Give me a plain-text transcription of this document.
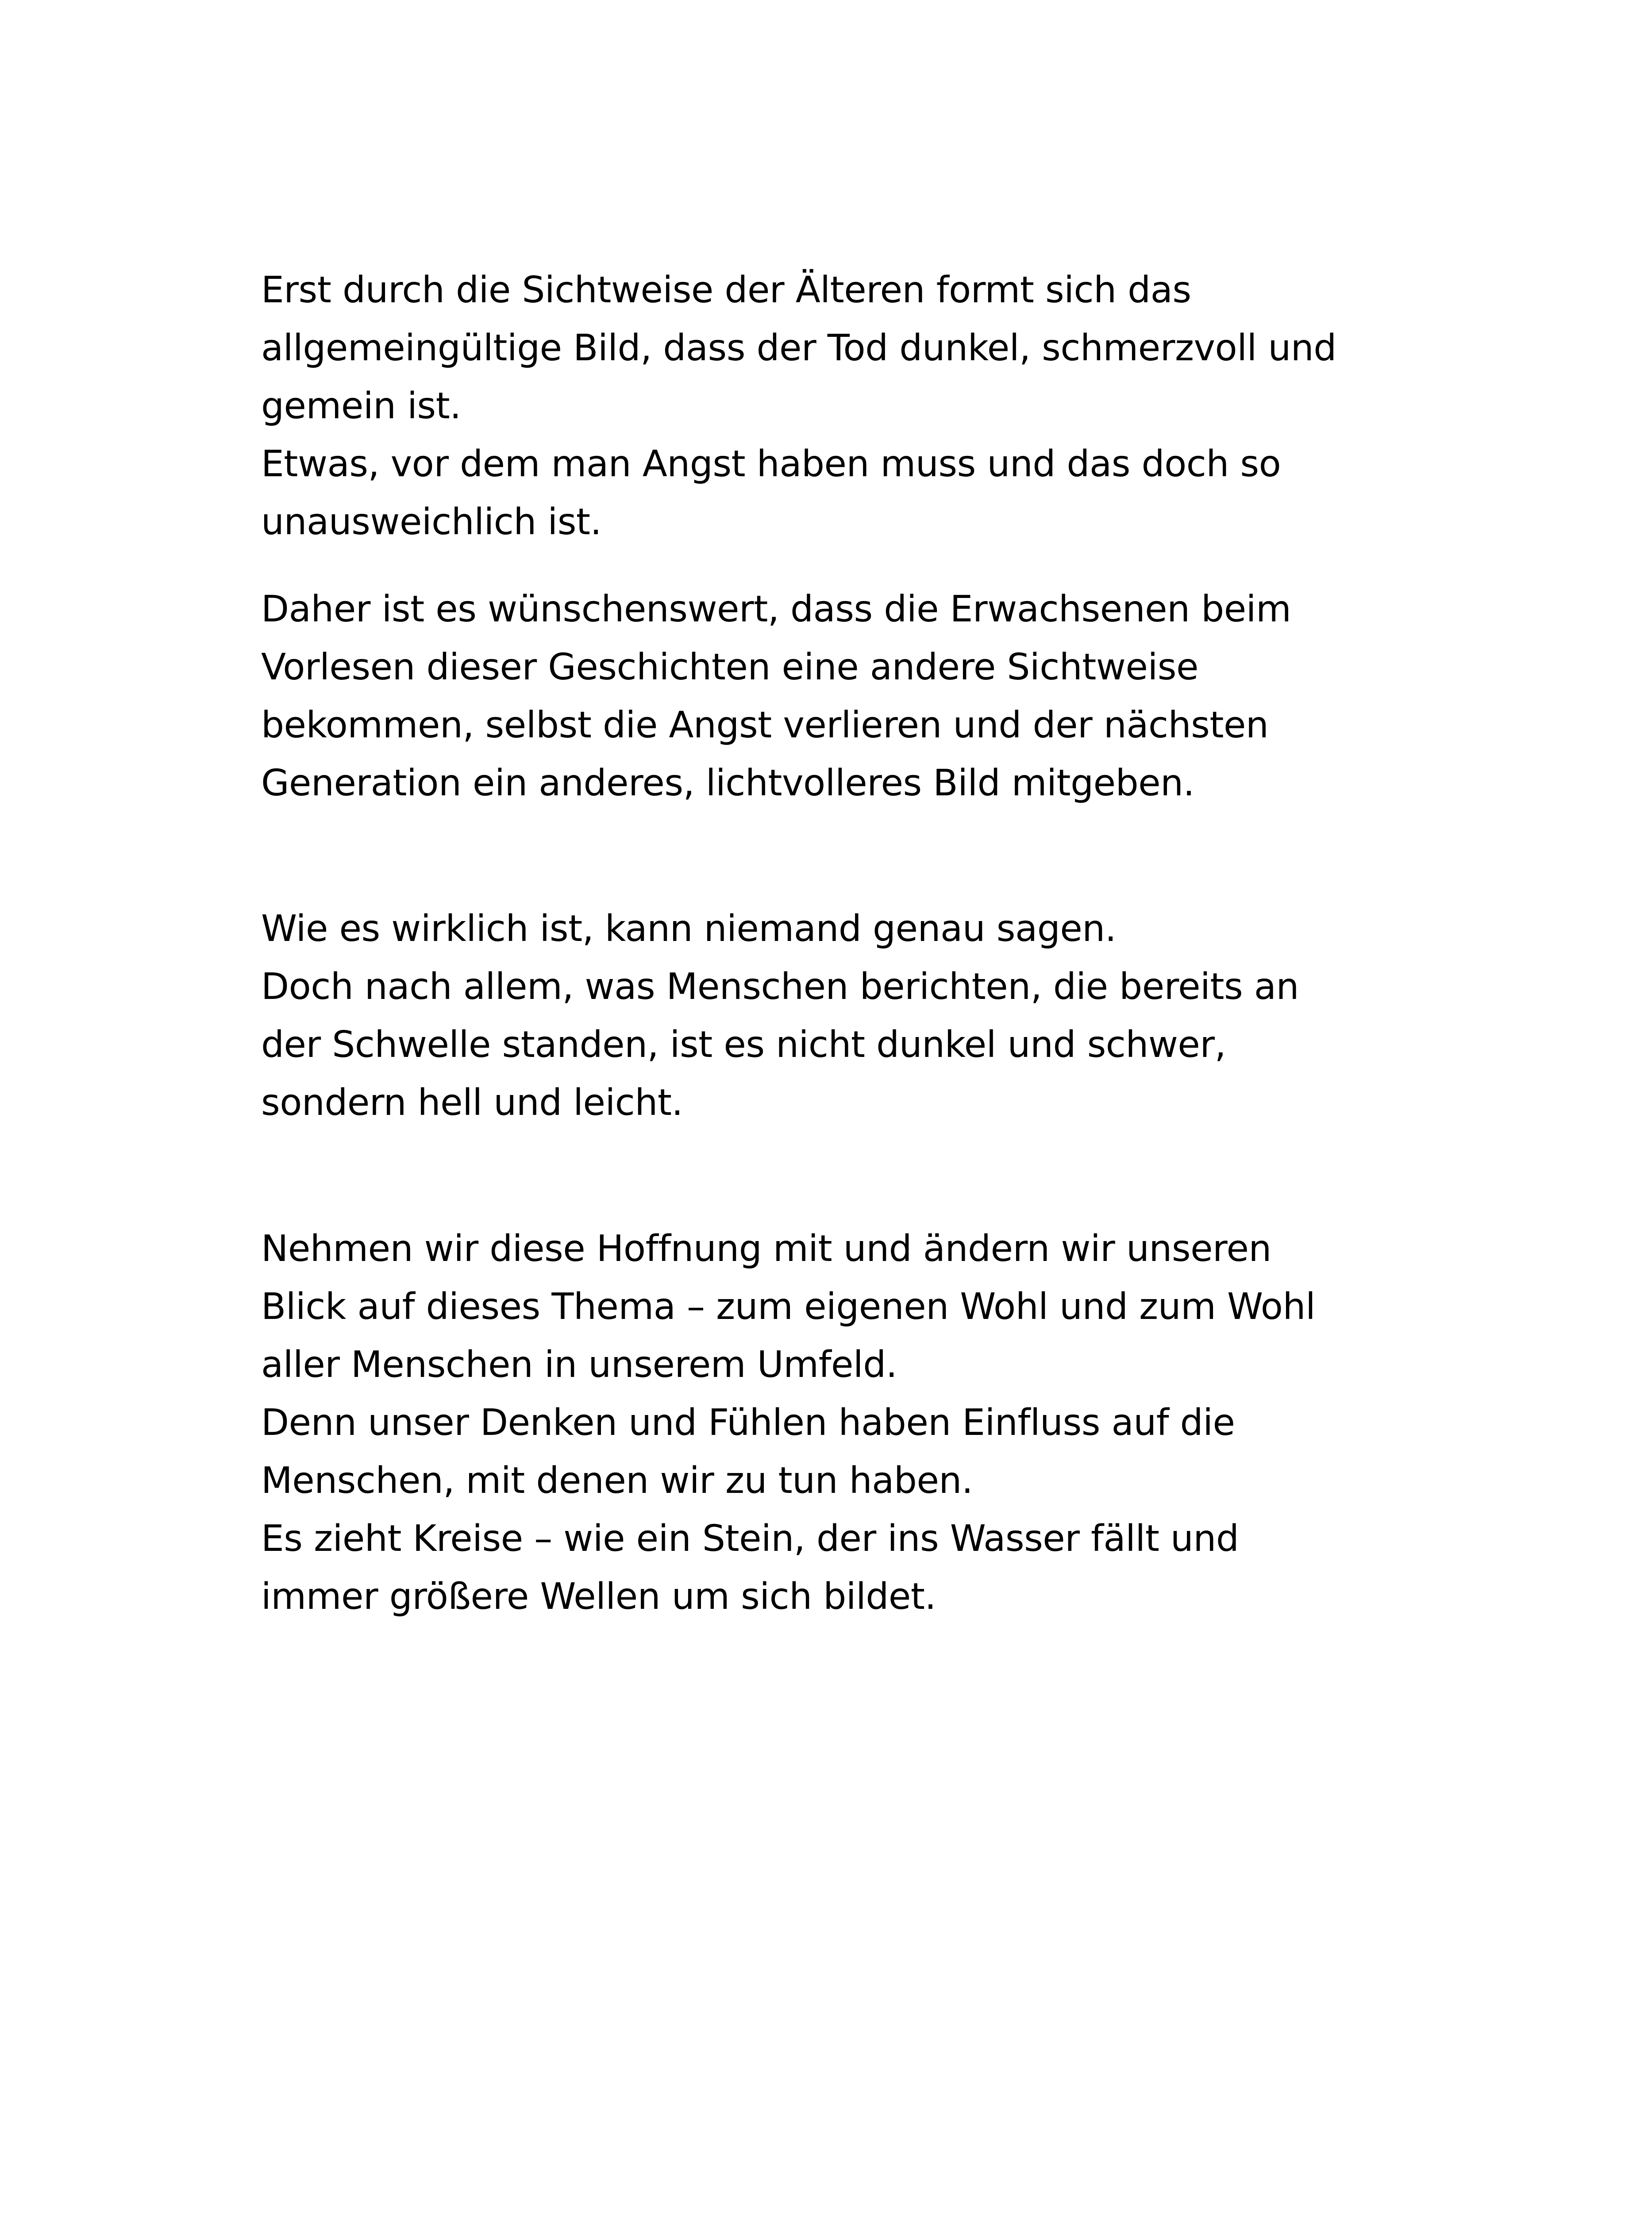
Erst durch die Sichtweise der Älteren formt sich das
allgemeingültige Bild, dass der Tod dunkel, schmerzvoll und
gemein ist.
Etwas, vor dem man Angst haben muss und das doch so
unausweichlich ist.
Daher ist es wünschenswert, dass die Erwachsenen beim
Vorlesen dieser Geschichten eine andere Sichtweise
bekommen, selbst die Angst verlieren und der nächsten
Generation ein anderes, lichtvolleres Bild mitgeben.
Wie es wirklich ist, kann niemand genau sagen.
Doch nach allem, was Menschen berichten, die bereits an
der Schwelle standen, ist es nicht dunkel und schwer,
sondern hell und leicht.
Nehmen wir diese Hoffnung mit und ändern wir unseren
Blick auf dieses Thema – zum eigenen Wohl und zum Wohl
aller Menschen in unserem Umfeld.
Denn unser Denken und Fühlen haben Einfluss auf die
Menschen, mit denen wir zu tun haben.
Es zieht Kreise – wie ein Stein, der ins Wasser fällt und
immer größere Wellen um sich bildet.
